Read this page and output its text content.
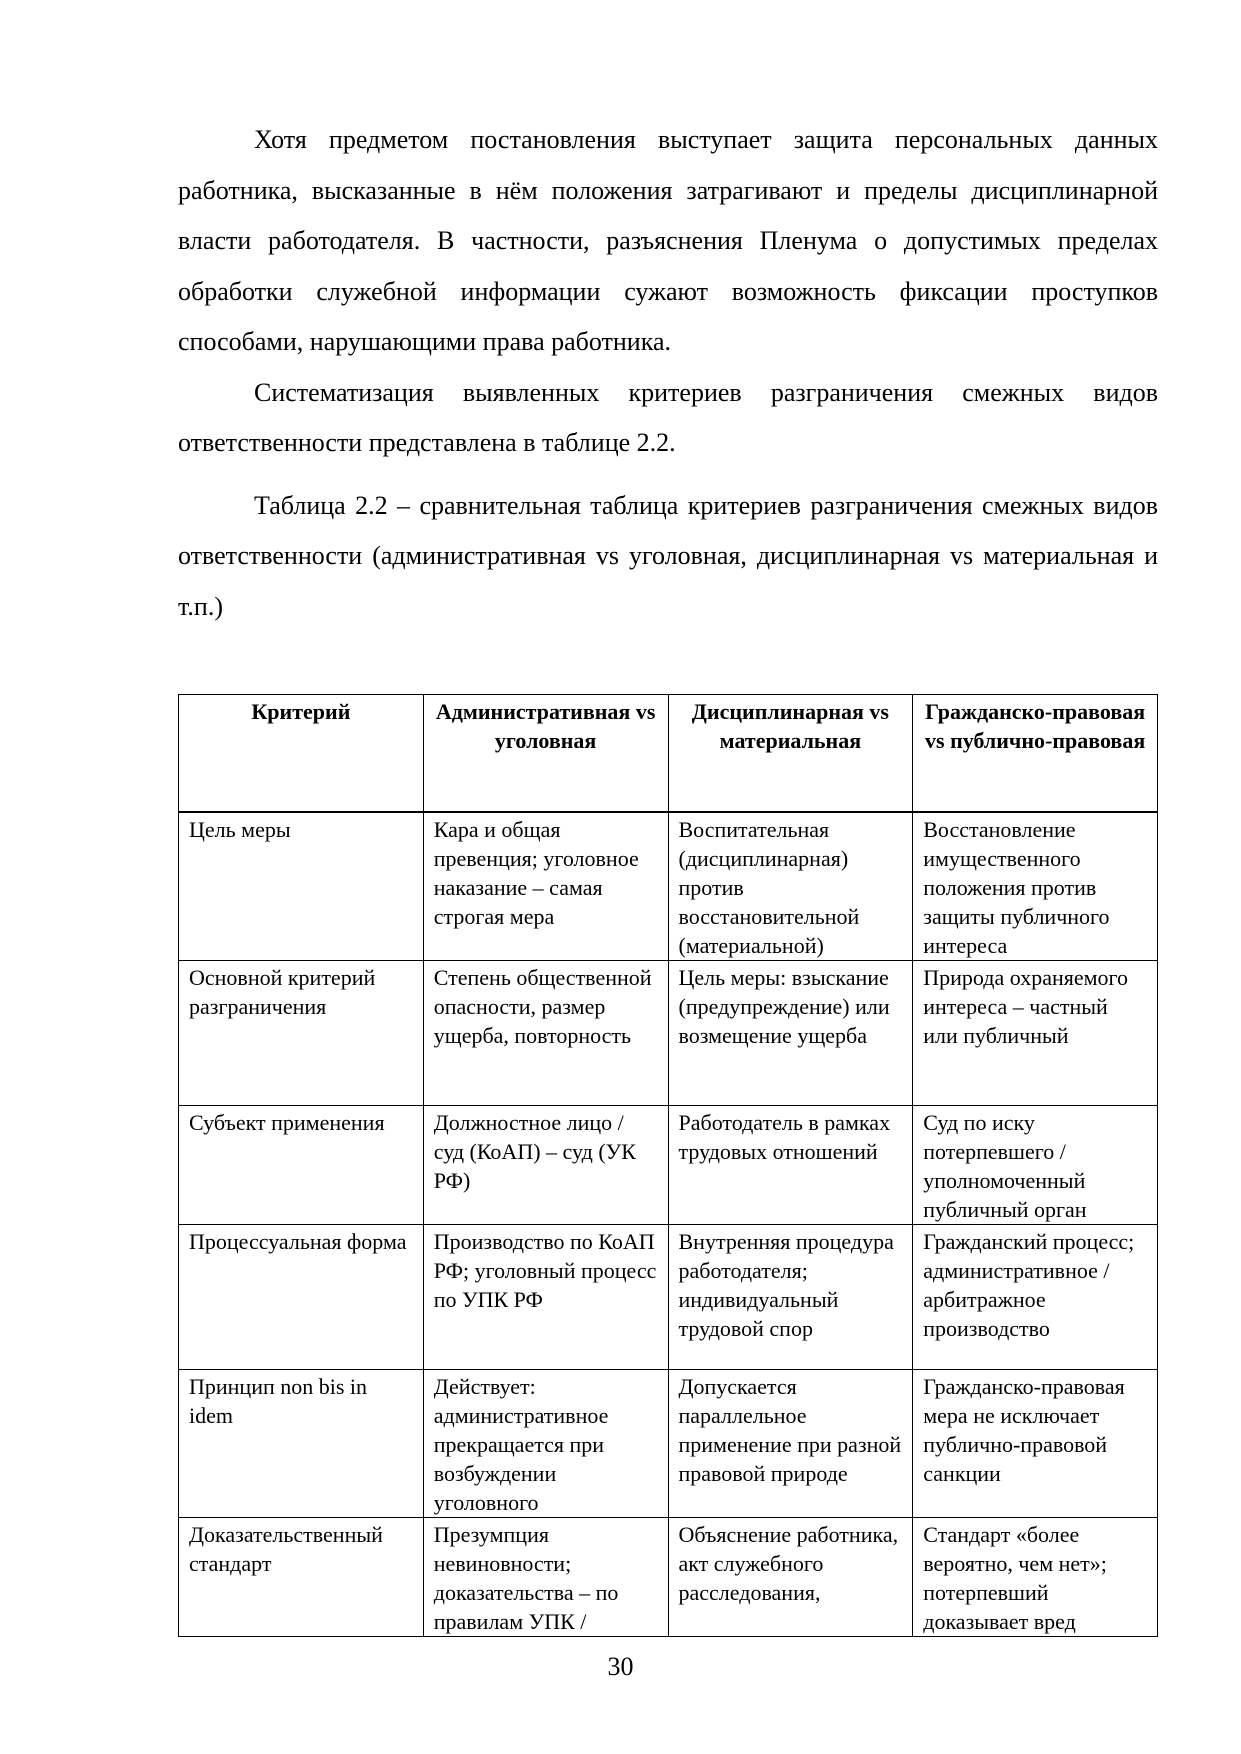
Хотя предметом постановления выступает защита персональных данных работника, высказанные в нём положения затрагивают и пределы дисциплинарной власти работодателя. В частности, разъяснения Пленума о допустимых пределах обработки служебной информации сужают возможность фиксации проступков способами, нарушающими права работника.

Систематизация выявленных критериев разграничения смежных видов ответственности представлена в таблице 2.2.

Таблица 2.2 – сравнительная таблица критериев разграничения смежных видов ответственности (административная vs уголовная, дисциплинарная vs материальная и т.п.)

Критерий	Административная vs уголовная	Дисциплинарная vs материальная	Гражданско-правовая vs публично-правовая
Цель меры	Кара и общая превенция; уголовное наказание – самая строгая мера	Воспитательная (дисциплинарная) против восстановительной (материальной)	Восстановление имущественного положения против защиты публичного интереса
Основной критерий разграничения	Степень общественной опасности, размер ущерба, повторность	Цель меры: взыскание (предупреждение) или возмещение ущерба	Природа охраняемого интереса – частный или публичный
Субъект применения	Должностное лицо / суд (КоАП) – суд (УК РФ)	Работодатель в рамках трудовых отношений	Суд по иску потерпевшего / уполномоченный публичный орган
Процессуальная форма	Производство по КоАП РФ; уголовный процесс по УПК РФ	Внутренняя процедура работодателя; индивидуальный трудовой спор	Гражданский процесс; административное / арбитражное производство
Принцип non bis in idem	Действует: административное прекращается при возбуждении уголовного	Допускается параллельное применение при разной правовой природе	Гражданско-правовая мера не исключает публично-правовой санкции
Доказательственный стандарт	Презумпция невиновности; доказательства – по правилам УПК /	Объяснение работника, акт служебного расследования,	Стандарт «более вероятно, чем нет»; потерпевший доказывает вред
30
